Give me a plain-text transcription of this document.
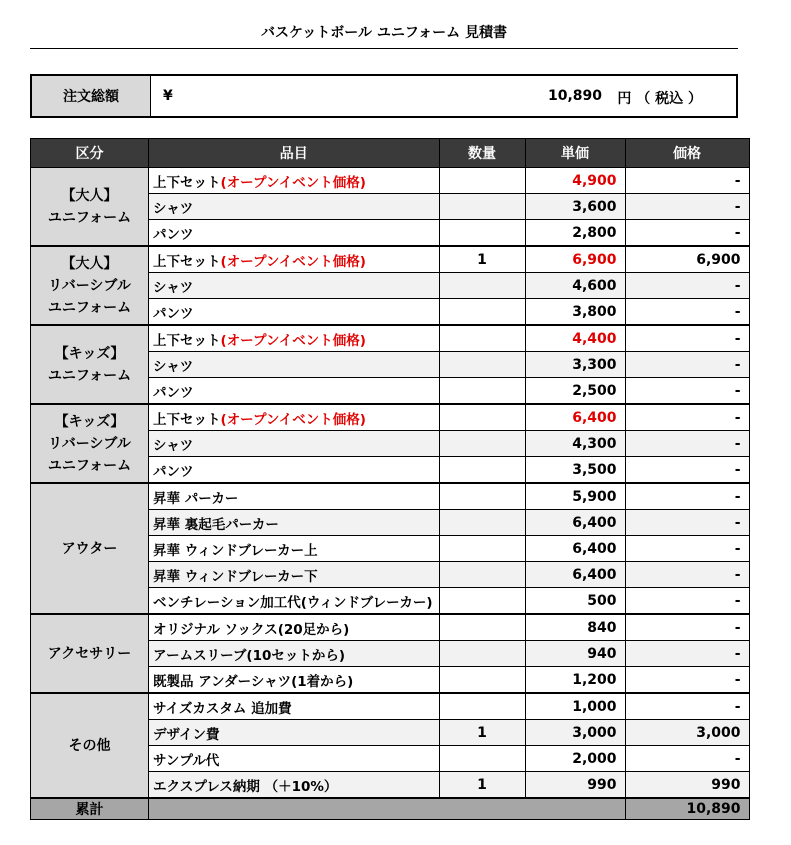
バスケットボール ユニフォーム 見積書
注文総額	¥	10,890 円 （ 税込 ）
区分	品目	数量	単価	価格

【大人】
ユニフォーム	上下セット(オープンイベント価格)		4,900	-
	シャツ		3,600	-
	パンツ		2,800	-

【大人】
リバーシブル
ユニフォーム	上下セット(オープンイベント価格)	1	6,900	6,900
	シャツ		4,600	-
	パンツ		3,800	-

【キッズ】
ユニフォーム	上下セット(オープンイベント価格)		4,400	-
	シャツ		3,300	-
	パンツ		2,500	-

【キッズ】
リバーシブル
ユニフォーム	上下セット(オープンイベント価格)		6,400	-
	シャツ		4,300	-
	パンツ		3,500	-

アウター	昇華 パーカー		5,900	-
	昇華 裏起毛パーカー		6,400	-
	昇華 ウィンドブレーカー上		6,400	-
	昇華 ウィンドブレーカー下		6,400	-
	ベンチレーション加工代(ウィンドブレーカー)		500	-

アクセサリー	オリジナル ソックス(20足から)		840	-
	アームスリーブ(10セットから)		940	-
	既製品 アンダーシャツ(1着から)		1,200	-

その他	サイズカスタム 追加費		1,000	-
	デザイン費	1	3,000	3,000
	サンプル代		2,000	-
	エクスプレス納期 （＋10%）	1	990	990
累計				10,890
